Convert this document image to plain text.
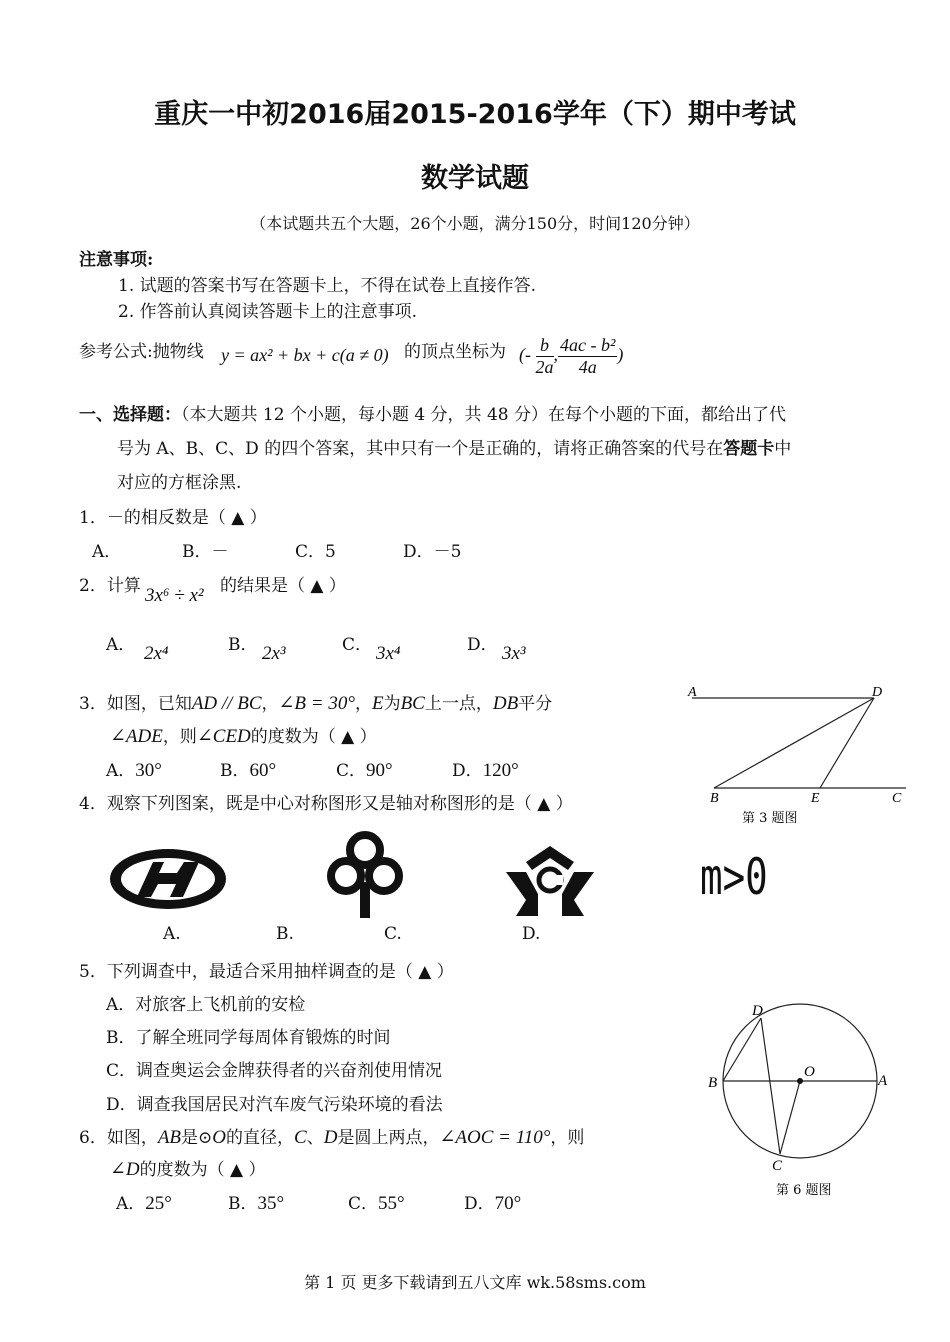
重庆一中初2016届2015-2016学年（下）期中考试
数学试题
（本试题共五个大题，26个小题，满分150分，时间120分钟）
注意事项:
1. 试题的答案书写在答题卡上，不得在试卷上直接作答.
2. 作答前认真阅读答题卡上的注意事项.
参考公式:抛物线 y = ax² + bx + c(a ≠ 0) 的顶点坐标为 (- $\frac{b}{2a}$ , $\frac{\text{4ac - b²}}{4a}$ )
一、选择题：（本大题共 12 个小题，每小题 4 分，共 48 分）在每个小题的下面，都给出了代
号为 A、B、C、D 的四个答案，其中只有一个是正确的，请将正确答案的代号在答题卡中
对应的方框涂黑.
1．－的相反数是（ ▲ ）
A．	B．－	C．5	D．－5
2．计算 3x⁶ ÷ x² 的结果是（ ▲ ）
A． 2x⁴	B． 2x³	C． 3x⁴	D． 3x³
3．如图，已知AD // BC，∠B = 30°，E为BC上一点，DB平分
∠ADE，则∠CED的度数为（ ▲ ）
A．30°	B．60°	C．90°	D．120°
A	D
B	E	C
第 3 题图
4．观察下列图案，既是中心对称图形又是轴对称图形的是（ ▲ ）
A.	B.	C.	D.
m>0
5．下列调查中，最适合采用抽样调查的是（ ▲ ）
A．对旅客上飞机前的安检
B．了解全班同学每周体育锻炼的时间
C．调查奥运会金牌获得者的兴奋剂使用情况
D．调查我国居民对汽车废气污染环境的看法
6．如图，AB是⊙O的直径，C、D是圆上两点，∠AOC = 110°，则
∠D的度数为（ ▲ ）
A．25°	B．35°	C．55°	D．70°
D
O
B	A
C
第 6 题图
第 1 页 更多下载请到五八文库 wk.58sms.com
